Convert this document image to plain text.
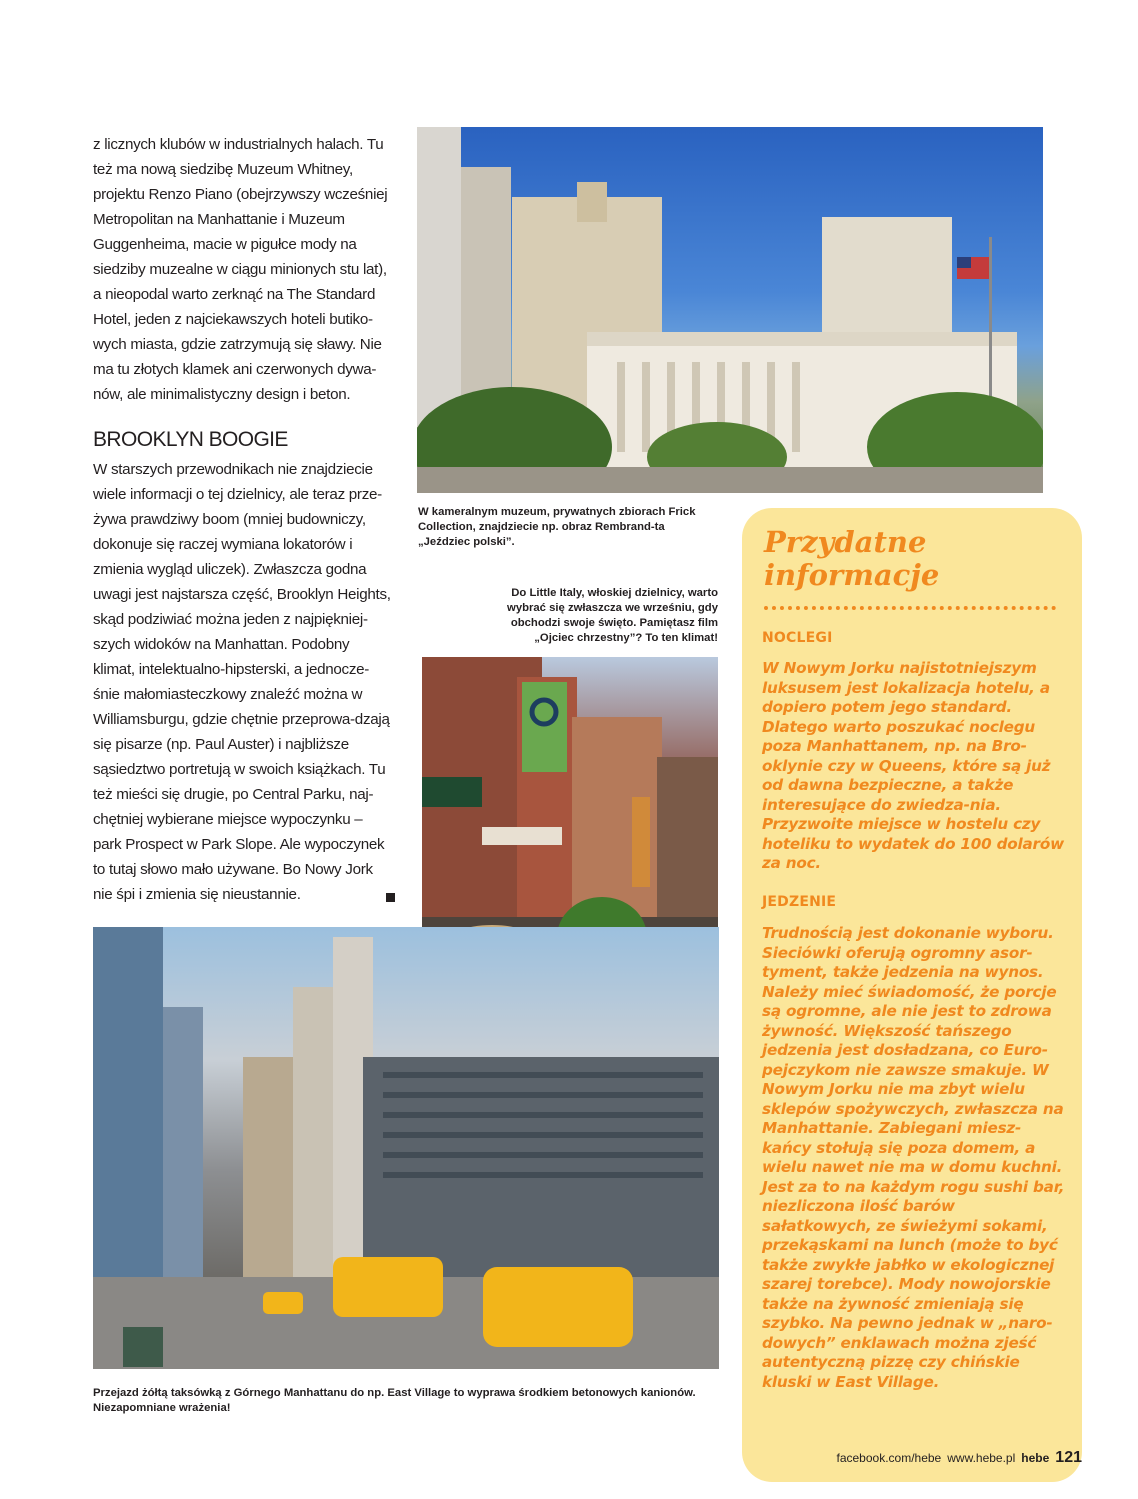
z licznych klubów w industrialnych halach. Tu też ma nową siedzibę Muzeum Whitney, projektu Renzo Piano (obejrzywszy wcześniej Metropolitan na Manhattanie i Muzeum Guggenheima, macie w pigułce mody na siedziby muzealne w ciągu minionych stu lat), a nieopodal warto zerknąć na The Standard Hotel, jeden z najciekawszych hoteli butiko-wych miasta, gdzie zatrzymują się sławy. Nie ma tu złotych klamek ani czerwonych dywa-nów, ale minimalistyczny design i beton.

BROOKLYN BOOGIE

W starszych przewodnikach nie znajdziecie wiele informacji o tej dzielnicy, ale teraz prze-żywa prawdziwy boom (mniej budowniczy, dokonuje się raczej wymiana lokatorów i zmienia wygląd uliczek). Zwłaszcza godna uwagi jest najstarsza część, Brooklyn Heights, skąd podziwiać można jeden z najpiękniej-szych widoków na Manhattan. Podobny klimat, intelektualno-hipsterski, a jednocze-śnie małomiasteczkowy znaleźć można w Williamsburgu, gdzie chętnie przeprowa-dzają się pisarze (np. Paul Auster) i najbliższe sąsiedztwo portretują w swoich książkach. Tu też mieści się drugie, po Central Parku, naj-chętniej wybierane miejsce wypoczynku – park Prospect w Park Slope. Ale wypoczynek to tutaj słowo mało używane. Bo Nowy Jork nie śpi i zmienia się nieustannie.

W kameralnym muzeum, prywatnych zbiorach Frick Collection, znajdziecie np. obraz Rembrand-ta „Jeździec polski”.
Do Little Italy, włoskiej dzielnicy, warto wybrać się zwłaszcza we wrześniu, gdy obchodzi swoje święto. Pamiętasz film „Ojciec chrzestny”? To ten klimat!
Przejazd żółtą taksówką z Górnego Manhattanu do np. East Village to wyprawa środkiem betonowych kanionów. Niezapomniane wrażenia!
Przydatne
informacje
NOCLEGI
W Nowym Jorku najistotniejszym luksusem jest lokalizacja hotelu, a dopiero potem jego standard. Dlatego warto poszukać noclegu poza Manhattanem, np. na Bro-oklynie czy w Queens, które są już od dawna bezpieczne, a także interesujące do zwiedza-nia. Przyzwoite miejsce w hostelu czy hoteliku to wydatek do 100 dolarów za noc.
JEDZENIE
Trudnością jest dokonanie wyboru. Sieciówki oferują ogromny asor-tyment, także jedzenia na wynos. Należy mieć świadomość, że porcje są ogromne, ale nie jest to zdrowa żywność. Większość tańszego jedzenia jest dosładzana, co Euro-pejczykom nie zawsze smakuje. W Nowym Jorku nie ma zbyt wielu sklepów spożywczych, zwłaszcza na Manhattanie. Zabiegani miesz-kańcy stołują się poza domem, a wielu nawet nie ma w domu kuchni. Jest za to na każdym rogu sushi bar, niezliczona ilość barów sałatkowych, ze świeżymi sokami, przekąskami na lunch (może to być także zwykłe jabłko w ekologicznej szarej torebce). Mody nowojorskie także na żywność zmieniają się szybko. Na pewno jednak w „naro-dowych” enklawach można zjeść autentyczną pizzę czy chińskie kluski w East Village.
facebook.com/hebe www.hebe.pl hebe 121
